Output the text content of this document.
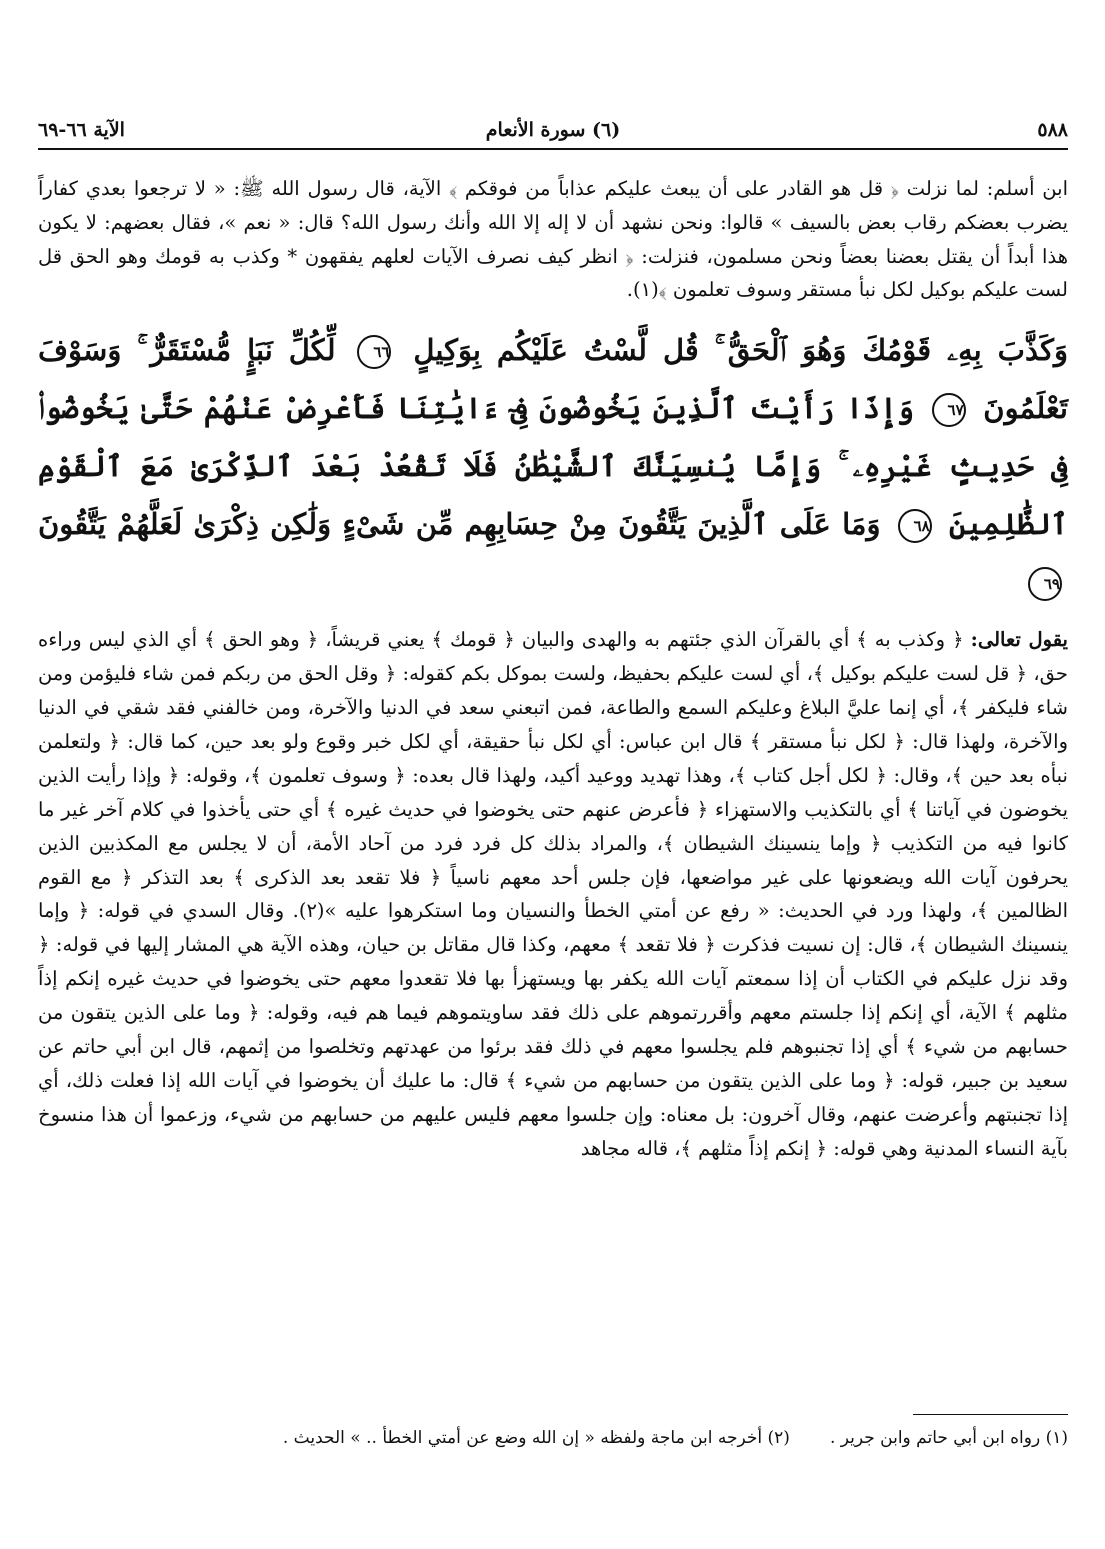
٥٨٨
(٦) سورة الأنعام
الآية ٦٦-٦٩

ابن أسلم: لما نزلت ﴿ قل هو القادر على أن يبعث عليكم عذاباً من فوقكم ﴾ الآية، قال رسول الله ﷺ: « لا ترجعوا بعدي كفاراً يضرب بعضكم رقاب بعض بالسيف » قالوا: ونحن نشهد أن لا إله إلا الله وأنك رسول الله؟ قال: « نعم »، فقال بعضهم: لا يكون هذا أبداً أن يقتل بعضنا بعضاً ونحن مسلمون، فنزلت: ﴿ انظر كيف نصرف الآيات لعلهم يفقهون * وكذب به قومك وهو الحق قل لست عليكم بوكيل لكل نبأ مستقر وسوف تعلمون ﴾(١).

وَكَذَّبَ بِهِۦ قَوْمُكَ وَهُوَ ٱلْحَقُّ ۚ قُل لَّسْتُ عَلَيْكُم بِوَكِيلٍ ٦٦ لِّكُلِّ نَبَإٍ مُّسْتَقَرٌّ ۚ وَسَوْفَ تَعْلَمُونَ ٦٧ وَإِذَا رَأَيْتَ ٱلَّذِينَ يَخُوضُونَ فِىٓ ءَايَٰتِنَا فَأَعْرِضْ عَنْهُمْ حَتَّىٰ يَخُوضُوا۟ فِى حَدِيثٍ غَيْرِهِۦ ۚ وَإِمَّا يُنسِيَنَّكَ ٱلشَّيْطَٰنُ فَلَا تَقْعُدْ بَعْدَ ٱلذِّكْرَىٰ مَعَ ٱلْقَوْمِ ٱلظَّٰلِمِينَ ٦٨ وَمَا عَلَى ٱلَّذِينَ يَتَّقُونَ مِنْ حِسَابِهِم مِّن شَىْءٍ وَلَٰكِن ذِكْرَىٰ لَعَلَّهُمْ يَتَّقُونَ ٦٩

يقول تعالى: ﴿ وكذب به ﴾ أي بالقرآن الذي جئتهم به والهدى والبيان ﴿ قومك ﴾ يعني قريشاً، ﴿ وهو الحق ﴾ أي الذي ليس وراءه حق، ﴿ قل لست عليكم بوكيل ﴾، أي لست عليكم بحفيظ، ولست بموكل بكم كقوله: ﴿ وقل الحق من ربكم فمن شاء فليؤمن ومن شاء فليكفر ﴾، أي إنما عليَّ البلاغ وعليكم السمع والطاعة، فمن اتبعني سعد في الدنيا والآخرة، ومن خالفني فقد شقي في الدنيا والآخرة، ولهذا قال: ﴿ لكل نبأ مستقر ﴾ قال ابن عباس: أي لكل نبأ حقيقة، أي لكل خبر وقوع ولو بعد حين، كما قال: ﴿ ولتعلمن نبأه بعد حين ﴾، وقال: ﴿ لكل أجل كتاب ﴾، وهذا تهديد ووعيد أكيد، ولهذا قال بعده: ﴿ وسوف تعلمون ﴾، وقوله: ﴿ وإذا رأيت الذين يخوضون في آياتنا ﴾ أي بالتكذيب والاستهزاء ﴿ فأعرض عنهم حتى يخوضوا في حديث غيره ﴾ أي حتى يأخذوا في كلام آخر غير ما كانوا فيه من التكذيب ﴿ وإما ينسينك الشيطان ﴾، والمراد بذلك كل فرد فرد من آحاد الأمة، أن لا يجلس مع المكذبين الذين يحرفون آيات الله ويضعونها على غير مواضعها، فإن جلس أحد معهم ناسياً ﴿ فلا تقعد بعد الذكرى ﴾ بعد التذكر ﴿ مع القوم الظالمين ﴾، ولهذا ورد في الحديث: « رفع عن أمتي الخطأ والنسيان وما استكرهوا عليه »(٢). وقال السدي في قوله: ﴿ وإما ينسينك الشيطان ﴾، قال: إن نسيت فذكرت ﴿ فلا تقعد ﴾ معهم، وكذا قال مقاتل بن حيان، وهذه الآية هي المشار إليها في قوله: ﴿ وقد نزل عليكم في الكتاب أن إذا سمعتم آيات الله يكفر بها ويستهزأ بها فلا تقعدوا معهم حتى يخوضوا في حديث غيره إنكم إذاً مثلهم ﴾ الآية، أي إنكم إذا جلستم معهم وأقررتموهم على ذلك فقد ساويتموهم فيما هم فيه، وقوله: ﴿ وما على الذين يتقون من حسابهم من شيء ﴾ أي إذا تجنبوهم فلم يجلسوا معهم في ذلك فقد برئوا من عهدتهم وتخلصوا من إثمهم، قال ابن أبي حاتم عن سعيد بن جبير، قوله: ﴿ وما على الذين يتقون من حسابهم من شيء ﴾ قال: ما عليك أن يخوضوا في آيات الله إذا فعلت ذلك، أي إذا تجنبتهم وأعرضت عنهم، وقال آخرون: بل معناه: وإن جلسوا معهم فليس عليهم من حسابهم من شيء، وزعموا أن هذا منسوخ بآية النساء المدنية وهي قوله: ﴿ إنكم إذاً مثلهم ﴾، قاله مجاهد

(١) رواه ابن أبي حاتم وابن جرير .
(٢) أخرجه ابن ماجة ولفظه « إن الله وضع عن أمتي الخطأ .. » الحديث .
